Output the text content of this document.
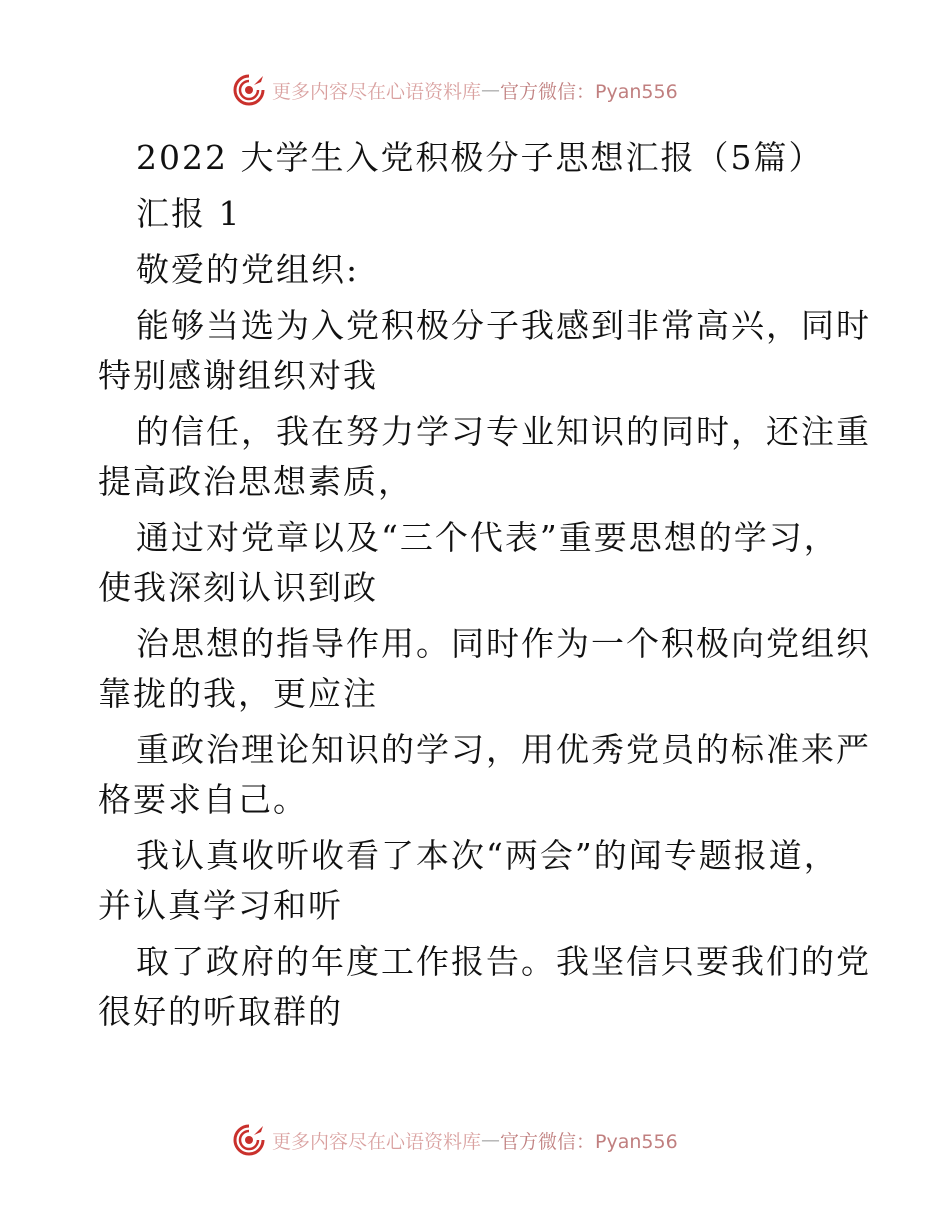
更多内容尽在心语资料库 — 官方微信：Pyan556
2022 大学生入党积极分子思想汇报（5篇）
汇报 1
敬爱的党组织:
能够当选为入党积极分子我感到非常高兴，同时
特别感谢组织对我
的信任，我在努力学习专业知识的同时，还注重
提高政治思想素质，
通过对党章以及“三个代表”重要思想的学习，
使我深刻认识到政
治思想的指导作用。同时作为一个积极向党组织
靠拢的我，更应注
重政治理论知识的学习，用优秀党员的标准来严
格要求自己。
我认真收听收看了本次“两会”的闻专题报道，
并认真学习和听
取了政府的年度工作报告。我坚信只要我们的党
很好的听取群的
更多内容尽在心语资料库 — 官方微信：Pyan556
